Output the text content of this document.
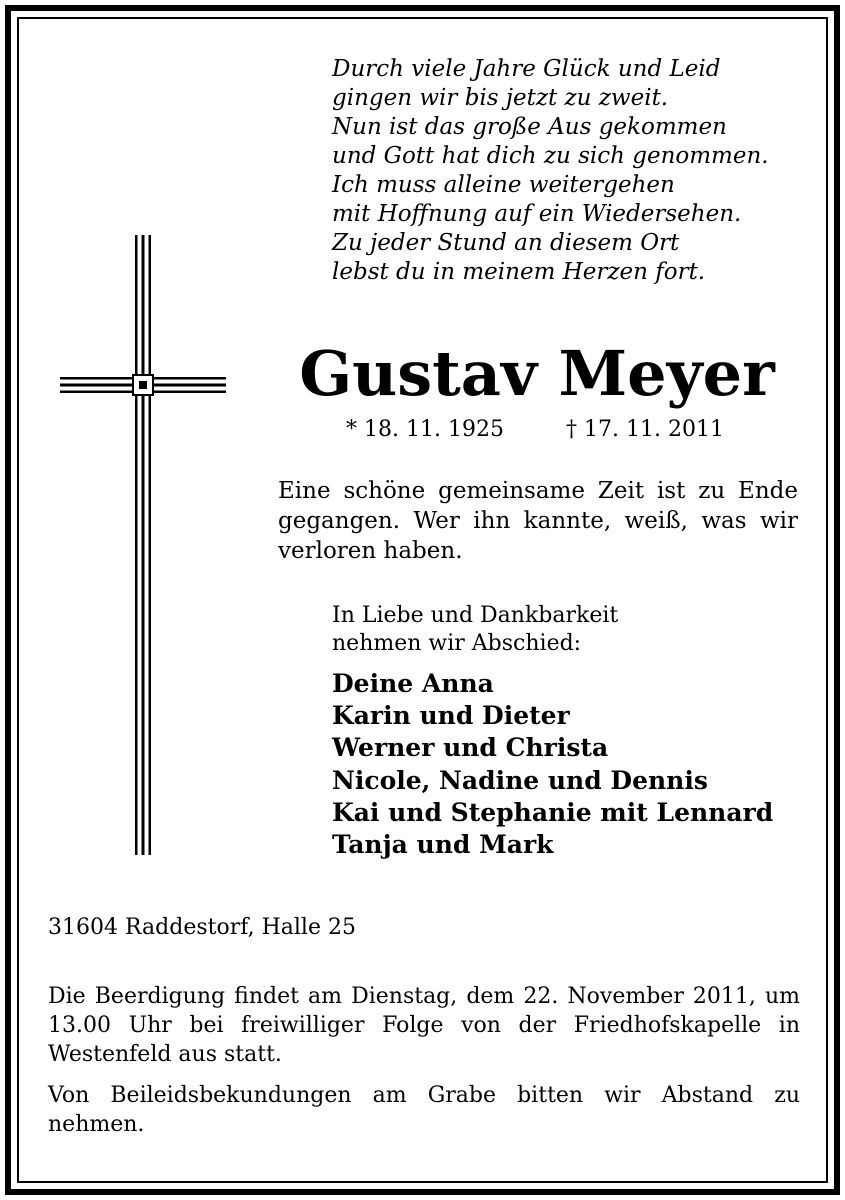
Durch viele Jahre Glück und Leid
gingen wir bis jetzt zu zweit.
Nun ist das große Aus gekommen
und Gott hat dich zu sich genommen.
Ich muss alleine weitergehen
mit Hoffnung auf ein Wiedersehen.
Zu jeder Stund an diesem Ort
lebst du in meinem Herzen fort.
Gustav Meyer
* 18. 11. 1925	† 17. 11. 2011
Eine schöne gemeinsame Zeit ist zu Ende gegangen. Wer ihn kannte, weiß, was wir verloren haben.
In Liebe und Dankbarkeit
nehmen wir Abschied:
Deine Anna
Karin und Dieter
Werner und Christa
Nicole, Nadine und Dennis
Kai und Stephanie mit Lennard
Tanja und Mark
31604 Raddestorf, Halle 25
Die Beerdigung findet am Dienstag, dem 22. November 2011, um 13.00 Uhr bei freiwilliger Folge von der Friedhofskapelle in Westenfeld aus statt.
Von Beileidsbekundungen am Grabe bitten wir Abstand zu nehmen.
